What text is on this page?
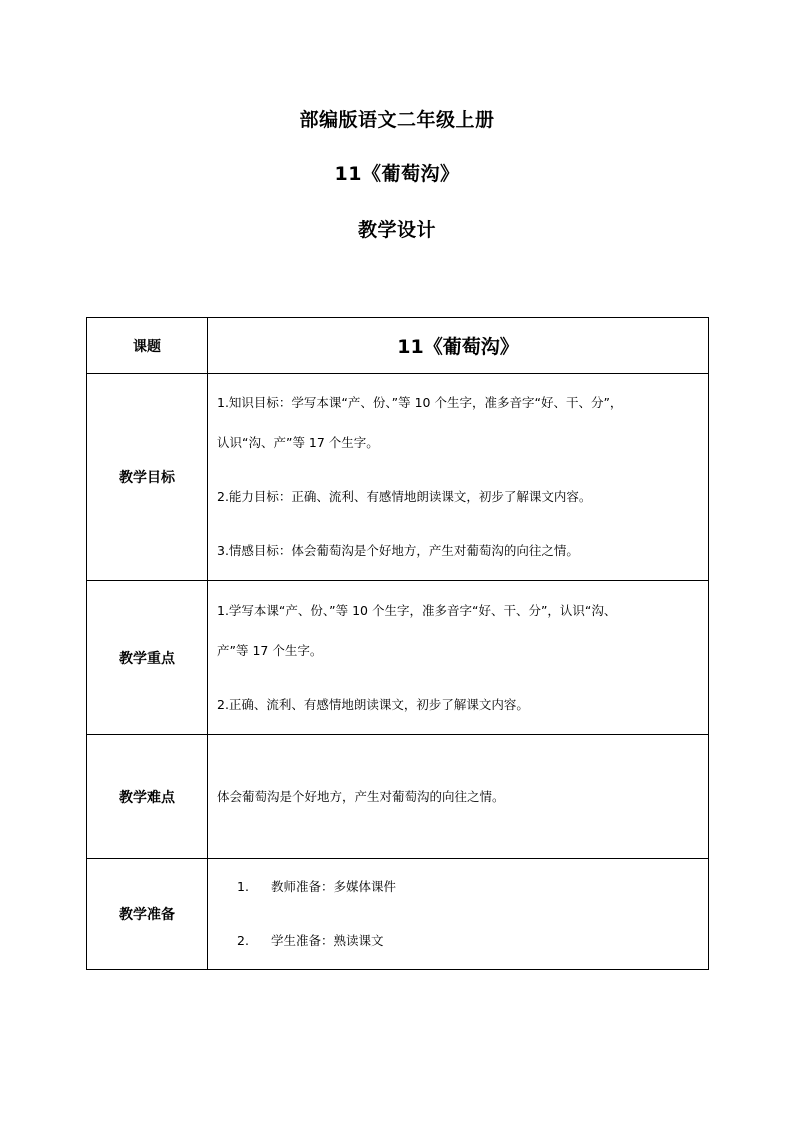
部编版语文二年级上册
11《葡萄沟》
教学设计
课题	11《葡萄沟》
教学目标	1.知识目标：学写本课“产、份、”等 10 个生字，准多音字“好、干、分”，
认识“沟、产”等 17 个生字。
2.能力目标：正确、流利、有感情地朗读课文，初步了解课文内容。
3.情感目标：体会葡萄沟是个好地方，产生对葡萄沟的向往之情。

教学重点	1.学写本课“产、份、”等 10 个生字，准多音字“好、干、分”，认识“沟、
产”等 17 个生字。
2.正确、流利、有感情地朗读课文，初步了解课文内容。

教学难点	体会葡萄沟是个好地方，产生对葡萄沟的向往之情。

教学准备	1. 教师准备：多媒体课件
2. 学生准备：熟读课文
